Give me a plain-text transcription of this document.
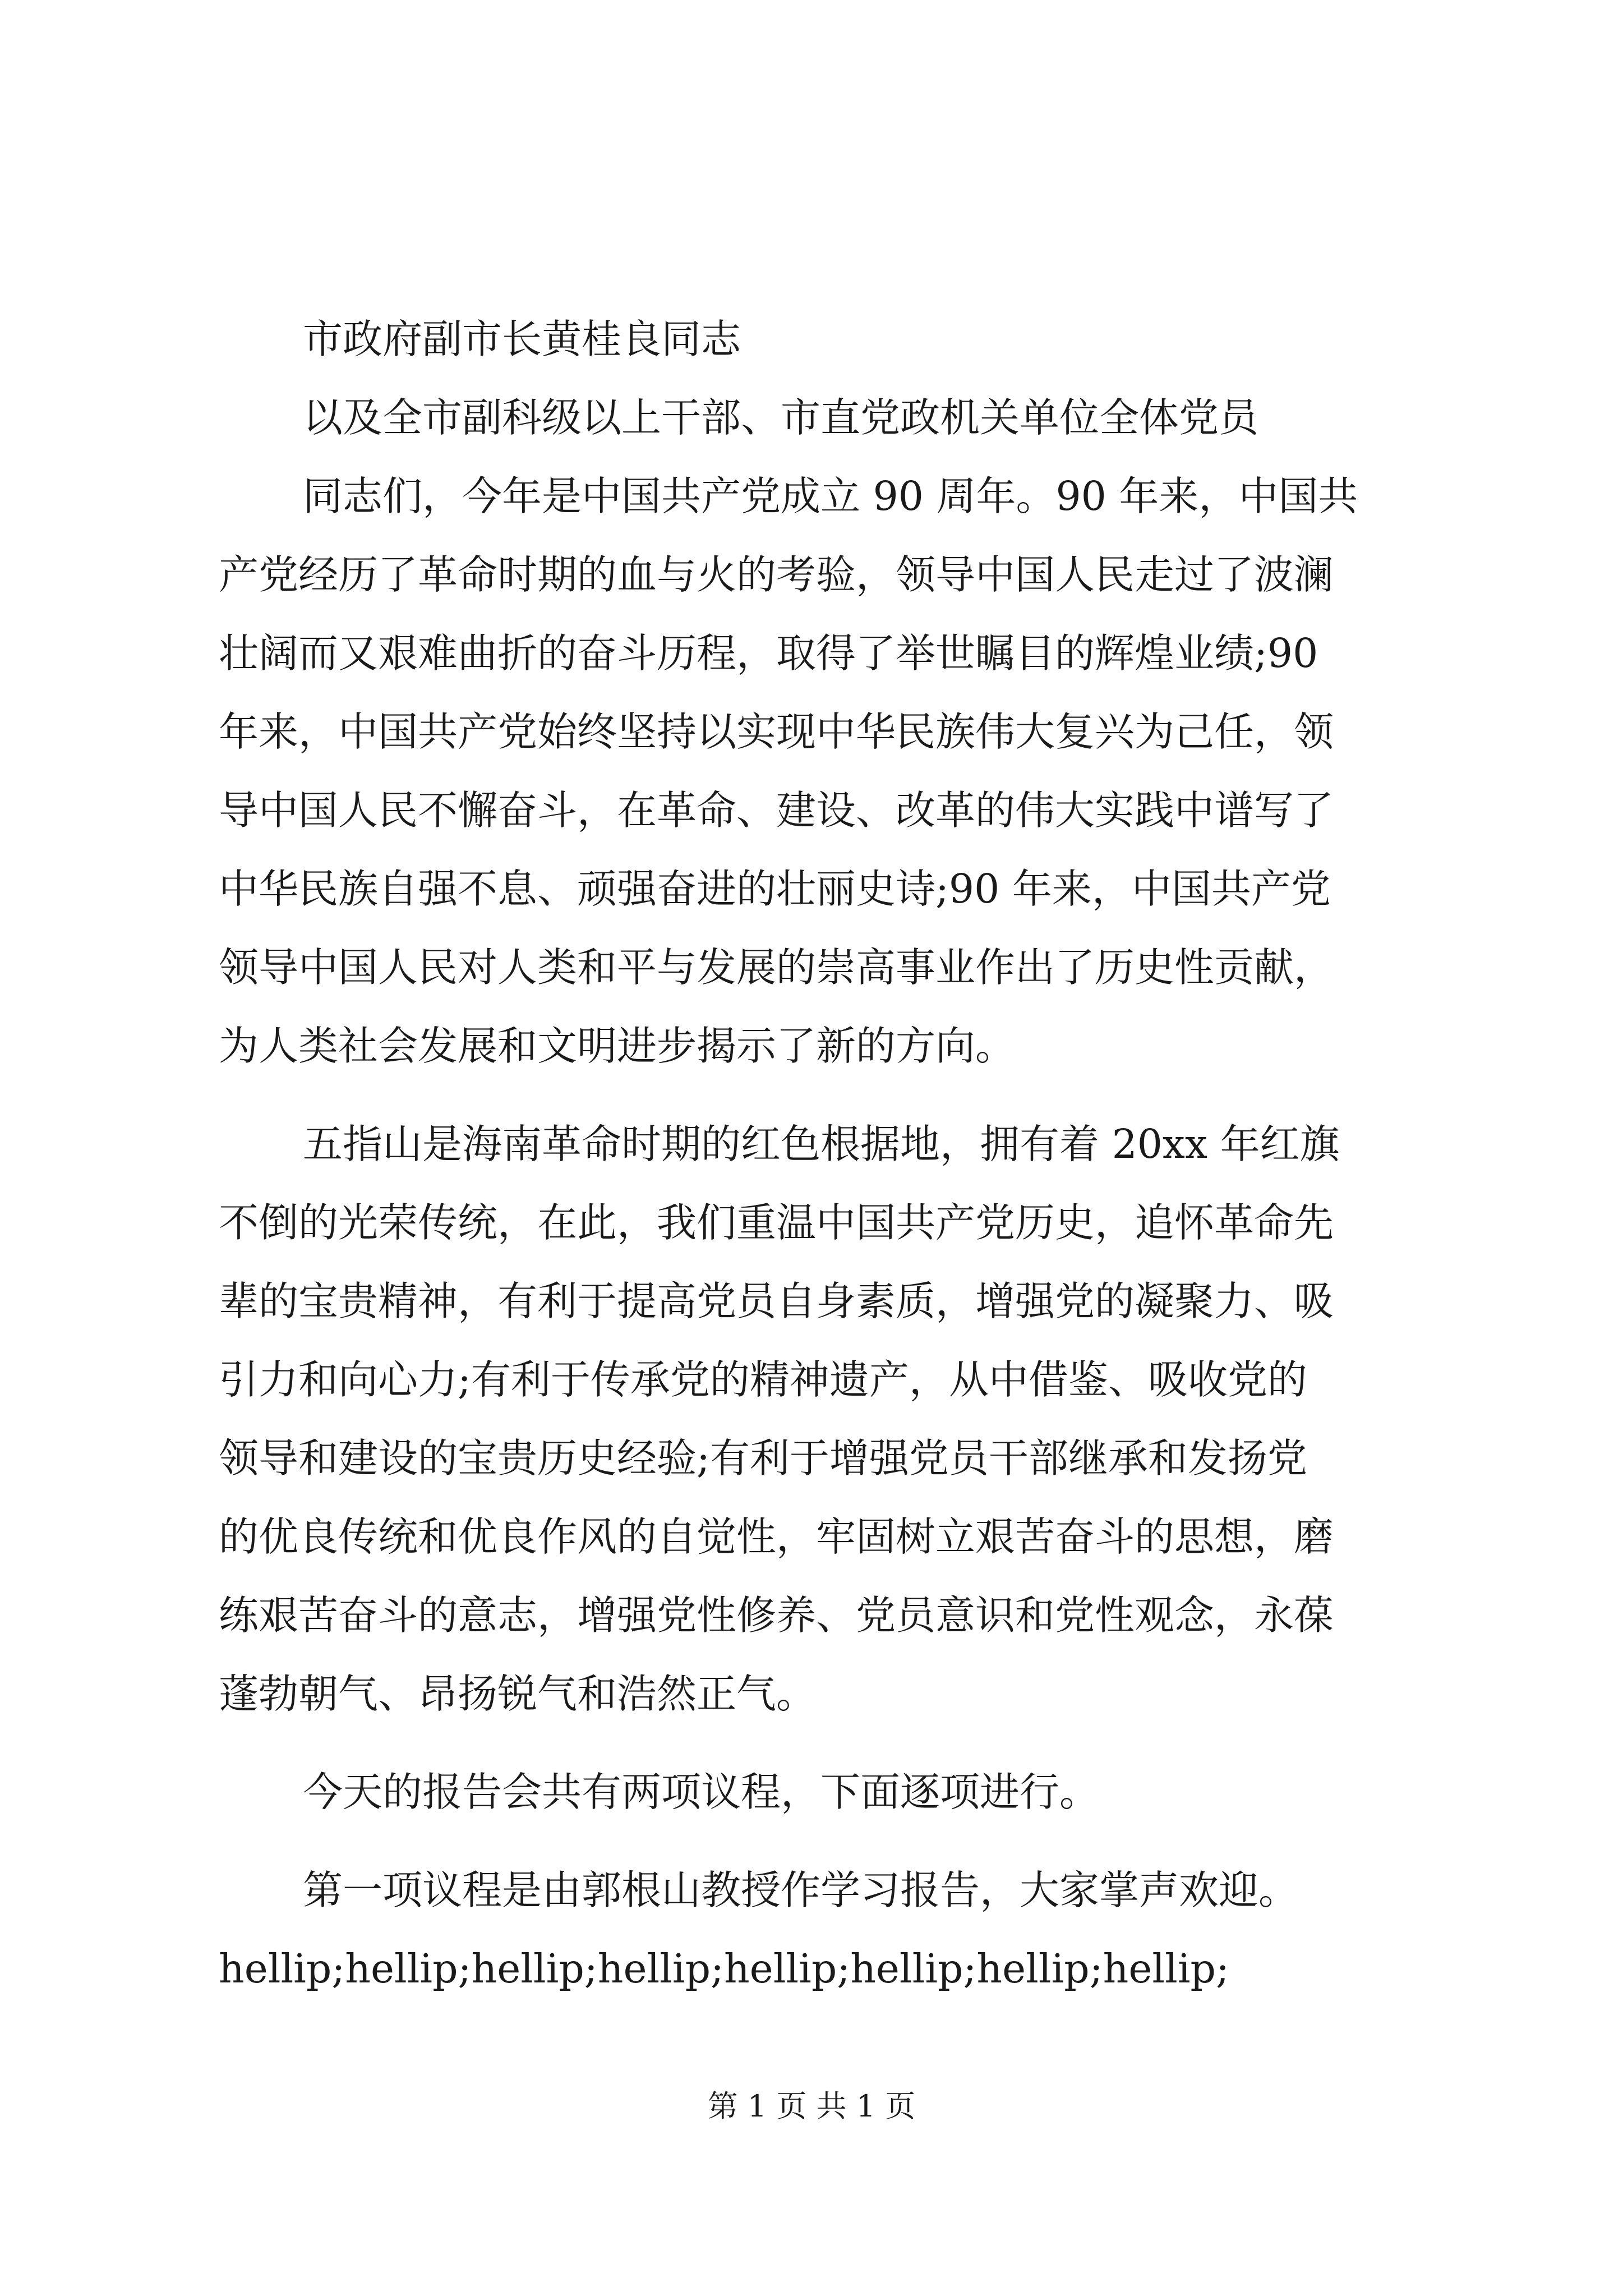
市政府副市长黄桂良同志
以及全市副科级以上干部、市直党政机关单位全体党员
同志们，今年是中国共产党成立 90 周年。90 年来，中国共
产党经历了革命时期的血与火的考验，领导中国人民走过了波澜
壮阔而又艰难曲折的奋斗历程，取得了举世瞩目的辉煌业绩;90
年来，中国共产党始终坚持以实现中华民族伟大复兴为己任，领
导中国人民不懈奋斗，在革命、建设、改革的伟大实践中谱写了
中华民族自强不息、顽强奋进的壮丽史诗;90 年来，中国共产党
领导中国人民对人类和平与发展的崇高事业作出了历史性贡献，
为人类社会发展和文明进步揭示了新的方向。
五指山是海南革命时期的红色根据地，拥有着 20xx 年红旗
不倒的光荣传统，在此，我们重温中国共产党历史，追怀革命先
辈的宝贵精神，有利于提高党员自身素质，增强党的凝聚力、吸
引力和向心力;有利于传承党的精神遗产，从中借鉴、吸收党的
领导和建设的宝贵历史经验;有利于增强党员干部继承和发扬党
的优良传统和优良作风的自觉性，牢固树立艰苦奋斗的思想，磨
练艰苦奋斗的意志，增强党性修养、党员意识和党性观念，永葆
蓬勃朝气、昂扬锐气和浩然正气。
今天的报告会共有两项议程，下面逐项进行。
第一项议程是由郭根山教授作学习报告，大家掌声欢迎。
hellip;hellip;hellip;hellip;hellip;hellip;hellip;hellip;
第 1 页 共 1 页
